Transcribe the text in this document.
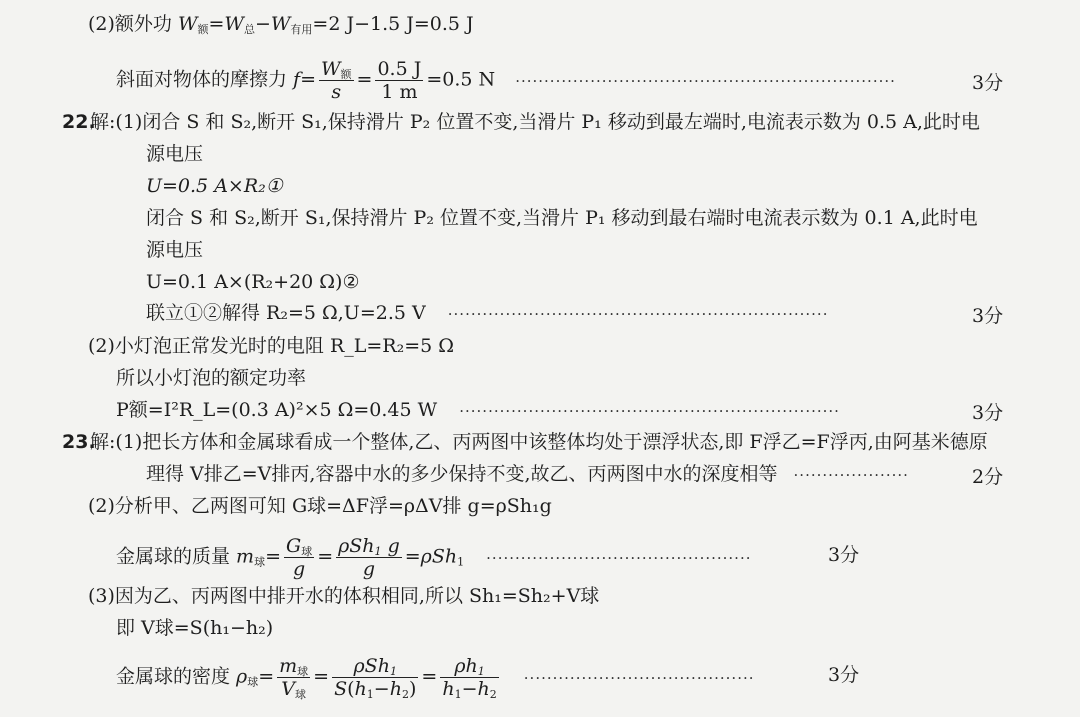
(2)额外功 $W_额=W_总-W_{有用}=2$ J−1.5 J=0.5 J
斜面对物体的摩擦力 $f= \frac{W_额}{s} = \frac{0.5 J}{1 m} =0.5$ N ··································································	3分
22.
解:(1)闭合 S 和 S₂,断开 S₁,保持滑片 P₂ 位置不变,当滑片 P₁ 移动到最左端时,电流表示数为 0.5 A,此时电
源电压
U=0.5 A×R₂①
闭合 S 和 S₂,断开 S₁,保持滑片 P₂ 位置不变,当滑片 P₁ 移动到最右端时电流表示数为 0.1 A,此时电
源电压
U=0.1 A×(R₂+20 Ω)②
联立①②解得 R₂=5 Ω,U=2.5 V ··································································	3分
(2)小灯泡正常发光时的电阻 R_L=R₂=5 Ω
所以小灯泡的额定功率
P额=I²R_L=(0.3 A)²×5 Ω=0.45 W ··································································	3分
23.
解:(1)把长方体和金属球看成一个整体,乙、丙两图中该整体均处于漂浮状态,即 F浮乙=F浮丙,由阿基米德原
理得 V排乙=V排丙,容器中水的多少保持不变,故乙、丙两图中水的深度相等 ····················	2分
(2)分析甲、乙两图可知 G球=ΔF浮=ρΔV排 g=ρSh₁g
金属球的质量 $m_球= \frac{G_球}{g} = \frac{\rho Sh_1 g}{g} =\rho Sh_1$ ··············································	3分
(3)因为乙、丙两图中排开水的体积相同,所以 Sh₁=Sh₂+V球
即 V球=S(h₁−h₂)
金属球的密度 $\rho_球= \frac{m_球}{V_球} = \frac{\rho Sh_1}{S(h_1-h_2)} = \frac{\rho h_1}{h_1-h_2}$ ········································	3分
